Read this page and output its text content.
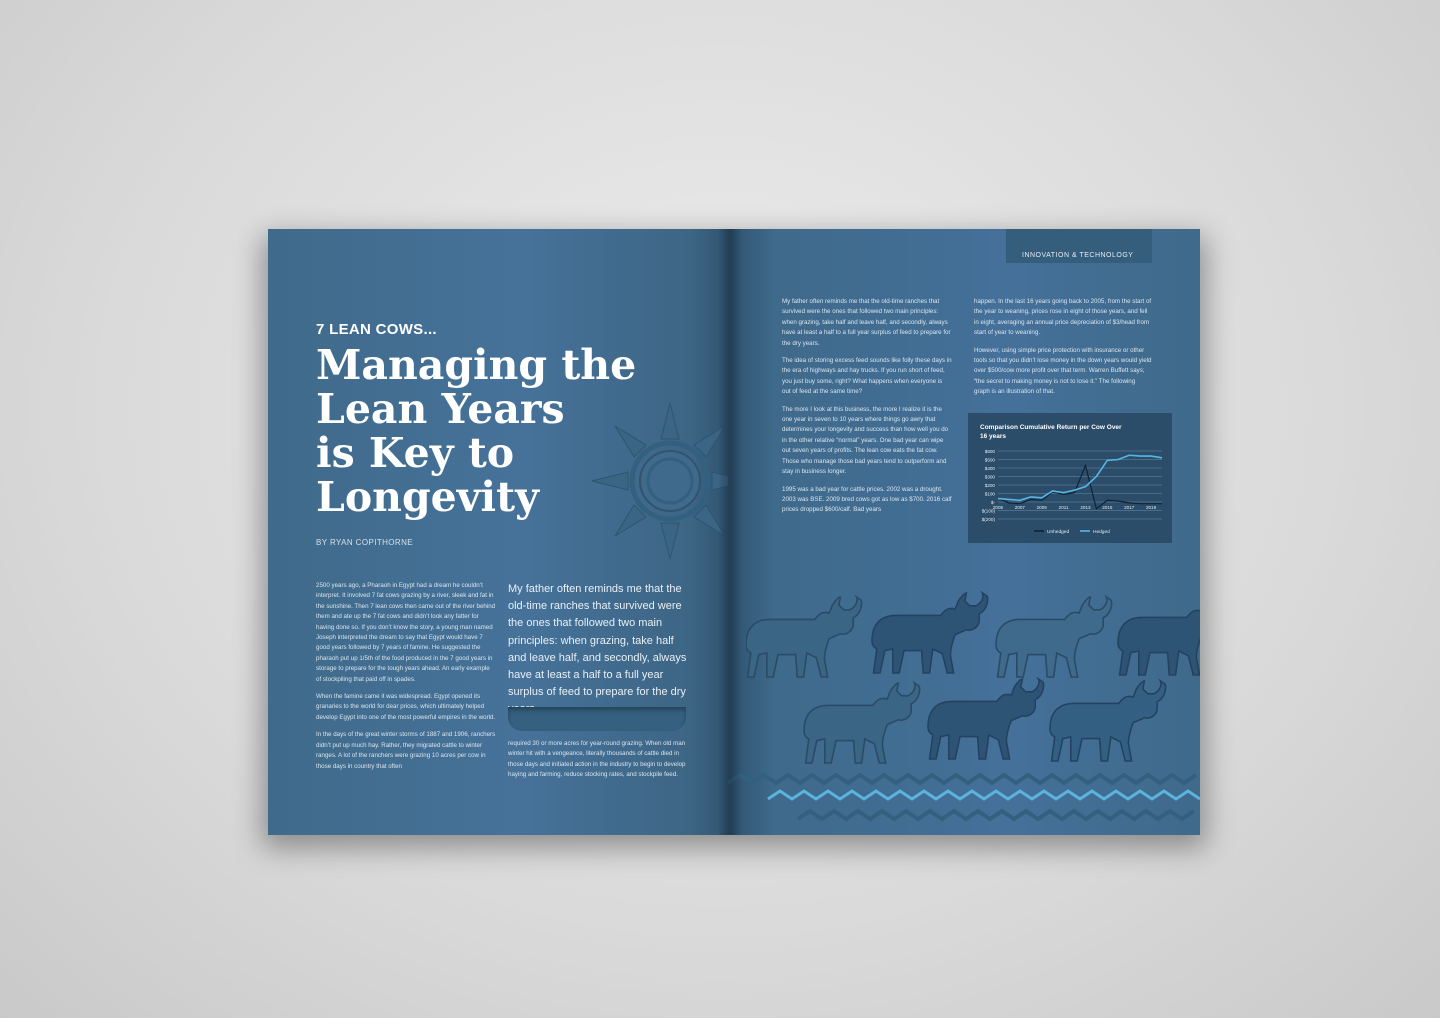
7 LEAN COWS...
Managing the
Lean Years
is Key to
Longevity
BY RYAN COPITHORNE

2500 years ago, a Pharaoh in Egypt had a dream he couldn’t interpret. It involved 7 fat cows grazing by a river, sleek and fat in the sunshine. Then 7 lean cows then came out of the river behind them and ate up the 7 fat cows and didn’t look any fatter for having done so. If you don’t know the story, a young man named Joseph interpreted the dream to say that Egypt would have 7 good years followed by 7 years of famine. He suggested the pharaoh put up 1/5th of the food produced in the 7 good years in storage to prepare for the tough years ahead. An early example of stockpiling that paid off in spades.

When the famine came it was widespread. Egypt opened its granaries to the world for dear prices, which ultimately helped develop Egypt into one of the most powerful empires in the world.

In the days of the great winter storms of 1887 and 1906, ranchers didn’t put up much hay. Rather, they migrated cattle to winter ranges. A lot of the ranchers were grazing 10 acres per cow in those days in country that often

My father often reminds me that the old-time ranches that survived were the ones that followed two main principles: when grazing, take half and leave half, and secondly, always have at least a half to a full year surplus of feed to prepare for the dry

required 30 or more acres for year-round grazing. When old man winter hit with a vengeance, literally thousands of cattle died in those days and initiated action in the industry to begin to develop haying and farming, reduce stocking rates, and stockpile feed.

INNOVATION & TECHNOLOGY

My father often reminds me that the old-time ranches that survived were the ones that followed two main principles: when grazing, take half and leave half, and secondly, always have at least a half to a full year surplus of feed to prepare for the dry years.

The idea of storing excess feed sounds like folly these days in the era of highways and hay trucks. If you run short of feed, you just buy some, right? What happens when everyone is out of feed at the same time?

The more I look at this business, the more I realize it is the one year in seven to 10 years where things go awry that determines your longevity and success than how well you do in the other relative “normal” years. One bad year can wipe out seven years of profits. The lean cow eats the fat cow. Those who manage those bad years tend to outperform and stay in business longer.

1995 was a bad year for cattle prices. 2002 was a drought. 2003 was BSE. 2009 bred cows got as low as $700. 2016 calf prices dropped $600/calf. Bad years

happen. In the last 16 years going back to 2005, from the start of the year to weaning, prices rose in eight of those years, and fell in eight, averaging an annual price depreciation of $3/head from start of year to weaning.

However, using simple price protection with insurance or other tools so that you didn’t lose money in the down years would yield over $500/cow more profit over that term. Warren Buffett says; “the secret to making money is not to lose it.” The following graph is an illustration of that.

Comparison Cumulative Return per Cow Over 16 years
$600
$500
$400
$300
$200
$100
$-
$(100)
$(200)
2005	2007	2009	2011	2013	2015	2017	2019
Unhedged	Hedged
